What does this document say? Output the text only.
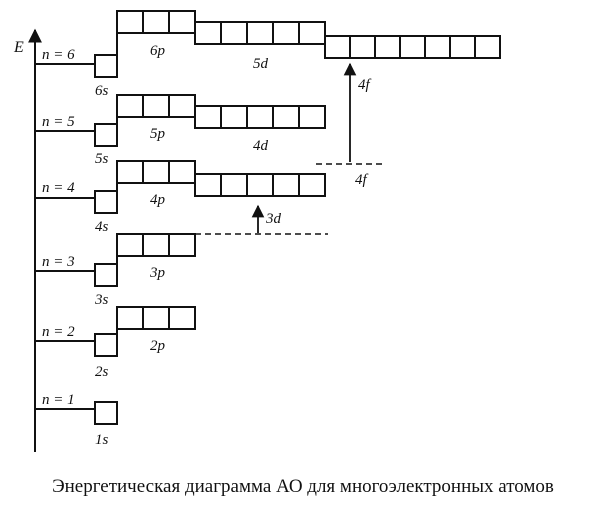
E
n = 1
n = 2
n = 3
n = 4
n = 5
n = 6
1s
2s
2p
3s
3p
3d
4s
4p
4d
4f
4f
5s
5p
6s
6p
5d
Энергетическая диаграмма АО для многоэлектронных атомов
